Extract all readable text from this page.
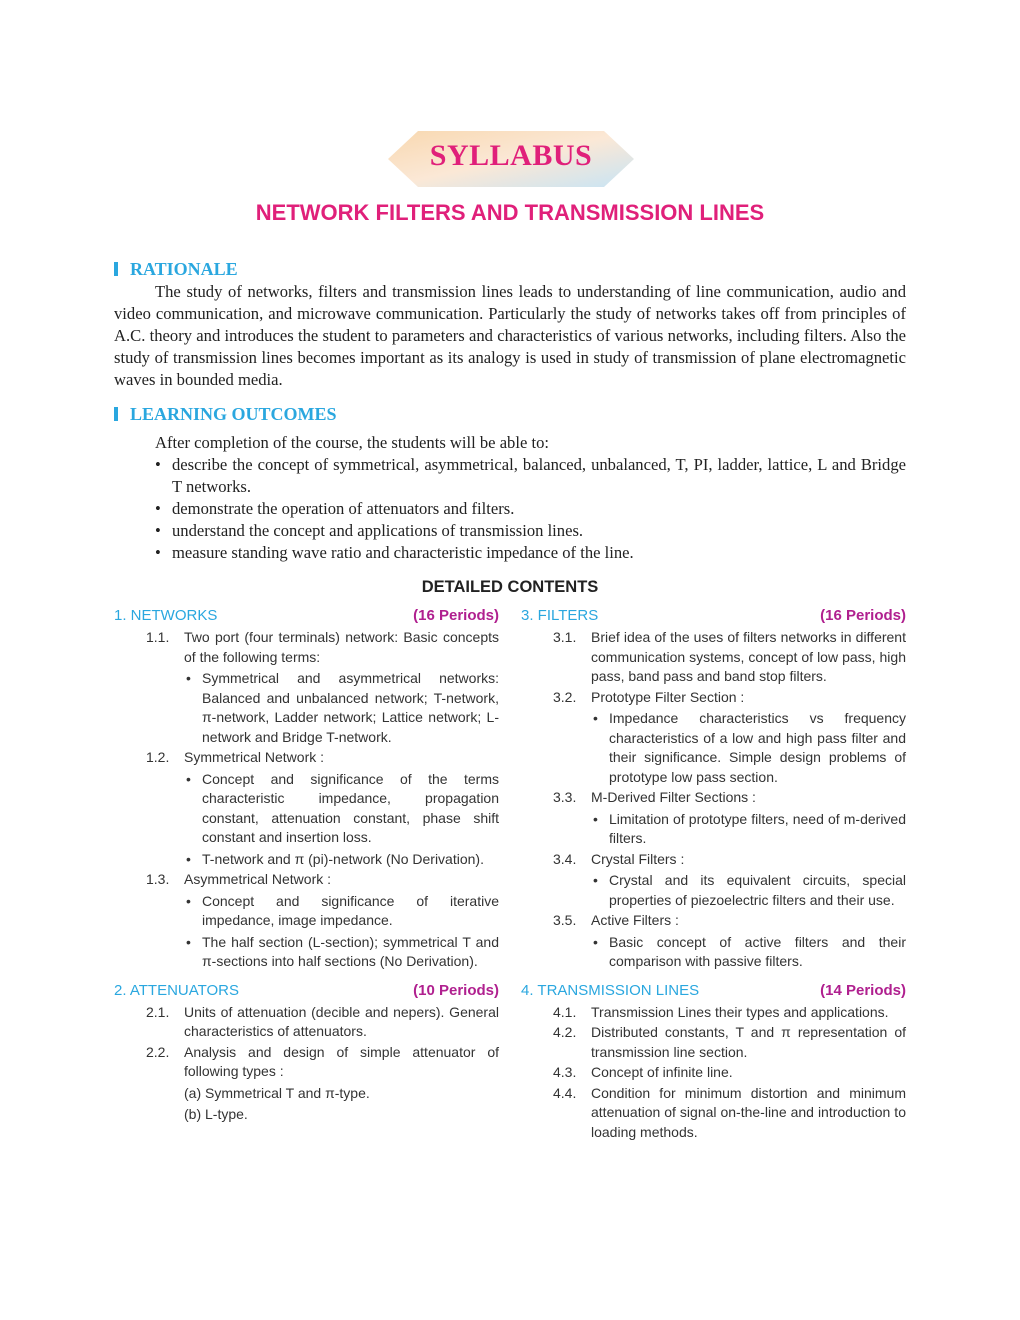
SYLLABUS
NETWORK FILTERS AND TRANSMISSION LINES
RATIONALE
The study of networks, filters and transmission lines leads to understanding of line communication, audio and video communication, and microwave communication. Particularly the study of networks takes off from principles of A.C. theory and introduces the student to parameters and characteristics of various networks, including filters. Also the study of transmission lines becomes important as its analogy is used in study of transmission of plane electromagnetic waves in bounded media.
LEARNING OUTCOMES
After completion of the course, the students will be able to:
• describe the concept of symmetrical, asymmetrical, balanced, unbalanced, T, PI, ladder, lattice, L and Bridge T networks.
• demonstrate the operation of attenuators and filters.
• understand the concept and applications of transmission lines.
• measure standing wave ratio and characteristic impedance of the line.
DETAILED CONTENTS
1. NETWORKS	(16 Periods)
1.1. Two port (four terminals) network: Basic concepts of the following terms:
• Symmetrical and asymmetrical networks: Balanced and unbalanced network; T-network, π-network, Ladder network; Lattice network; L-network and Bridge T-network.
1.2. Symmetrical Network :
• Concept and significance of the terms characteristic impedance, propagation constant, attenuation constant, phase shift constant and insertion loss.
• T-network and π (pi)-network (No Derivation).
1.3. Asymmetrical Network :
• Concept and significance of iterative impedance, image impedance.
• The half section (L-section); symmetrical T and π-sections into half sections (No Derivation).
2. ATTENUATORS	(10 Periods)
2.1. Units of attenuation (decible and nepers). General characteristics of attenuators.
2.2. Analysis and design of simple attenuator of following types :
(a) Symmetrical T and π-type.
(b) L-type.
3. FILTERS	(16 Periods)
3.1. Brief idea of the uses of filters networks in different communication systems, concept of low pass, high pass, band pass and band stop filters.
3.2. Prototype Filter Section :
• Impedance characteristics vs frequency characteristics of a low and high pass filter and their significance. Simple design problems of prototype low pass section.
3.3. M-Derived Filter Sections :
• Limitation of prototype filters, need of m-derived filters.
3.4. Crystal Filters :
• Crystal and its equivalent circuits, special properties of piezoelectric filters and their use.
3.5. Active Filters :
• Basic concept of active filters and their comparison with passive filters.
4. TRANSMISSION LINES	(14 Periods)
4.1. Transmission Lines their types and applications.
4.2. Distributed constants, T and π representation of transmission line section.
4.3. Concept of infinite line.
4.4. Condition for minimum distortion and minimum attenuation of signal on-the-line and introduction to loading methods.
